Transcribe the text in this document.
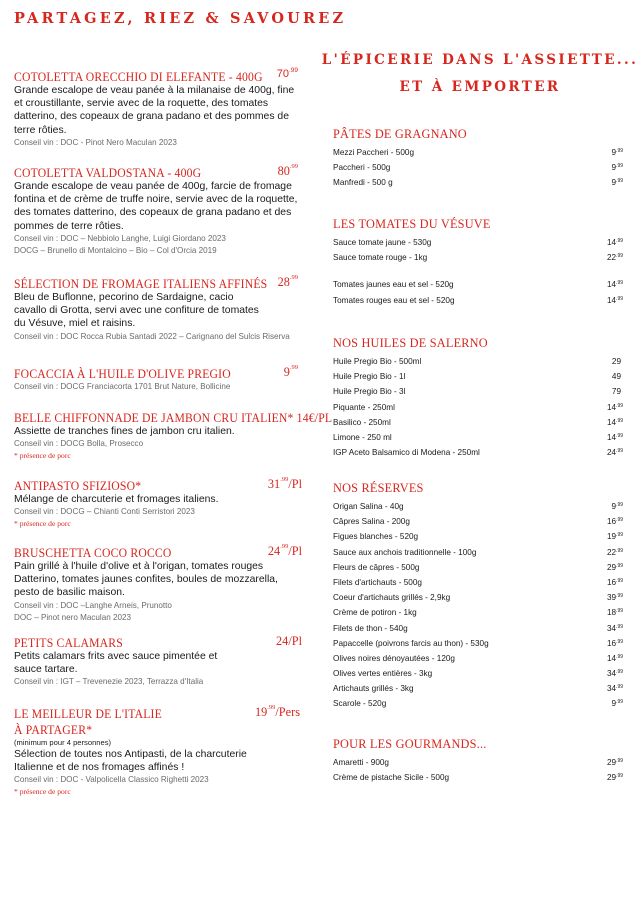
PARTAGEZ, RIEZ & SAVOUREZ
L'ÉPICERIE DANS L'ASSIETTE...
ET À EMPORTER
COTOLETTA ORECCHIO DI ELEFANTE - 400G $70^{.99}$
Grande escalope de veau panée à la milanaise de 400g, fine et croustillante, servie avec de la roquette, des tomates datterino, des copeaux de grana padano et des pommes de terre rôties.
Conseil vin : DOC - Pinot Nero Maculan 2023
COTOLETTA VALDOSTANA - 400G	$80^{.99}$
Grande escalope de veau panée de 400g, farcie de fromage fontina et de crème de truffe noire, servie avec de la roquette, des tomates datterino, des copeaux de grana padano et des pommes de terre rôties.
Conseil vin : DOC – Nebbiolo Langhe, Luigi Giordano 2023
DOCG – Brunello di Montalcino – Bio – Col d'Orcia 2019
SÉLECTION DE FROMAGE ITALIENS AFFINÉS $28^{.99}$
Bleu de Buflonne, pecorino de Sardaigne, cacio cavallo di Grotta, servi avec une confiture de tomates du Vésuve, miel et raisins.
Conseil vin : DOC Rocca Rubia Santadi 2022 – Carignano del Sulcis Riserva
FOCACCIA À L'HUILE D'OLIVE PREGIO	$9^{.99}$
Conseil vin : DOCG Franciacorta 1701 Brut Nature, Bollicine
BELLE CHIFFONNADE DE JAMBON CRU ITALIEN* 14€/PL
Assiette de tranches fines de jambon cru italien.
Conseil vin : DOCG Bolla, Prosecco
* présence de porc
ANTIPASTO SFIZIOSO*	$31^{.99}/Pl$
Mélange de charcuterie et fromages italiens.
Conseil vin : DOCG – Chianti Conti Serristori 2023
* présence de porc
BRUSCHETTA COCO ROCCO	$24^{.99}/Pl$
Pain grillé à l'huile d'olive et à l'origan, tomates rouges Datterino, tomates jaunes confites, boules de mozzarella, pesto de basilic maison.
Conseil vin : DOC –Langhe Arneis, Prunotto
DOC – Pinot nero Maculan 2023
PETITS CALAMARS	24/Pl
Petits calamars frits avec sauce pimentée et sauce tartare.
Conseil vin : IGT – Trevenezie 2023, Terrazza d'Italia
LE MEILLEUR DE L'ITALIE	$19^{.99}$/Pers
À PARTAGER*
(minimum pour 4 personnes)
Sélection de toutes nos Antipasti, de la charcuterie Italienne et de nos fromages affinés !
Conseil vin : DOC - Valpolicella Classico Righetti 2023
* présence de porc
PÂTES DE GRAGNANO
Mezzi Paccheri - 500g	$9^{.99}$
Paccheri - 500g	$9^{.99}$
Manfredi - 500 g	$9^{.99}$
LES TOMATES DU VÉSUVE
Sauce tomate jaune - 530g	$14^{.99}$
Sauce tomate rouge - 1kg	$22^{.99}$
Tomates jaunes eau et sel - 520g	$14^{.99}$
Tomates rouges eau et sel - 520g	$14^{.99}$
NOS HUILES DE SALERNO
Huile Pregio Bio - 500ml	29
Huile Pregio Bio - 1l	49
Huile Pregio Bio - 3l	79
Piquante - 250ml	$14^{.99}$
Basilico - 250ml	$14^{.99}$
Limone - 250 ml	$14^{.99}$
IGP Aceto Balsamico di Modena - 250ml	$24^{.99}$
NOS RÉSERVES
Origan Salina - 40g	$9^{.99}$
Câpres Salina - 200g	$16^{.99}$
Figues blanches - 520g	$19^{.99}$
Sauce aux anchois traditionnelle - 100g	$22^{.99}$
Fleurs de câpres - 500g	$29^{.99}$
Filets d'artichauts - 500g	$16^{.99}$
Coeur d'artichauts grillés - 2,9kg	$39^{.99}$
Crème de potiron - 1kg	$18^{.99}$
Filets de thon - 540g	$34^{.99}$
Papaccelle (poivrons farcis au thon) - 530g	$16^{.99}$
Olives noires dénoyautées - 120g	$14^{.99}$
Olives vertes entières - 3kg	$34^{.99}$
Artichauts grillés - 3kg	$34^{.99}$
Scarole - 520g	$9^{.99}$
POUR LES GOURMANDS...
Amaretti - 900g	$29^{.99}$
Crème de pistache Sicile - 500g	$29^{.99}$
